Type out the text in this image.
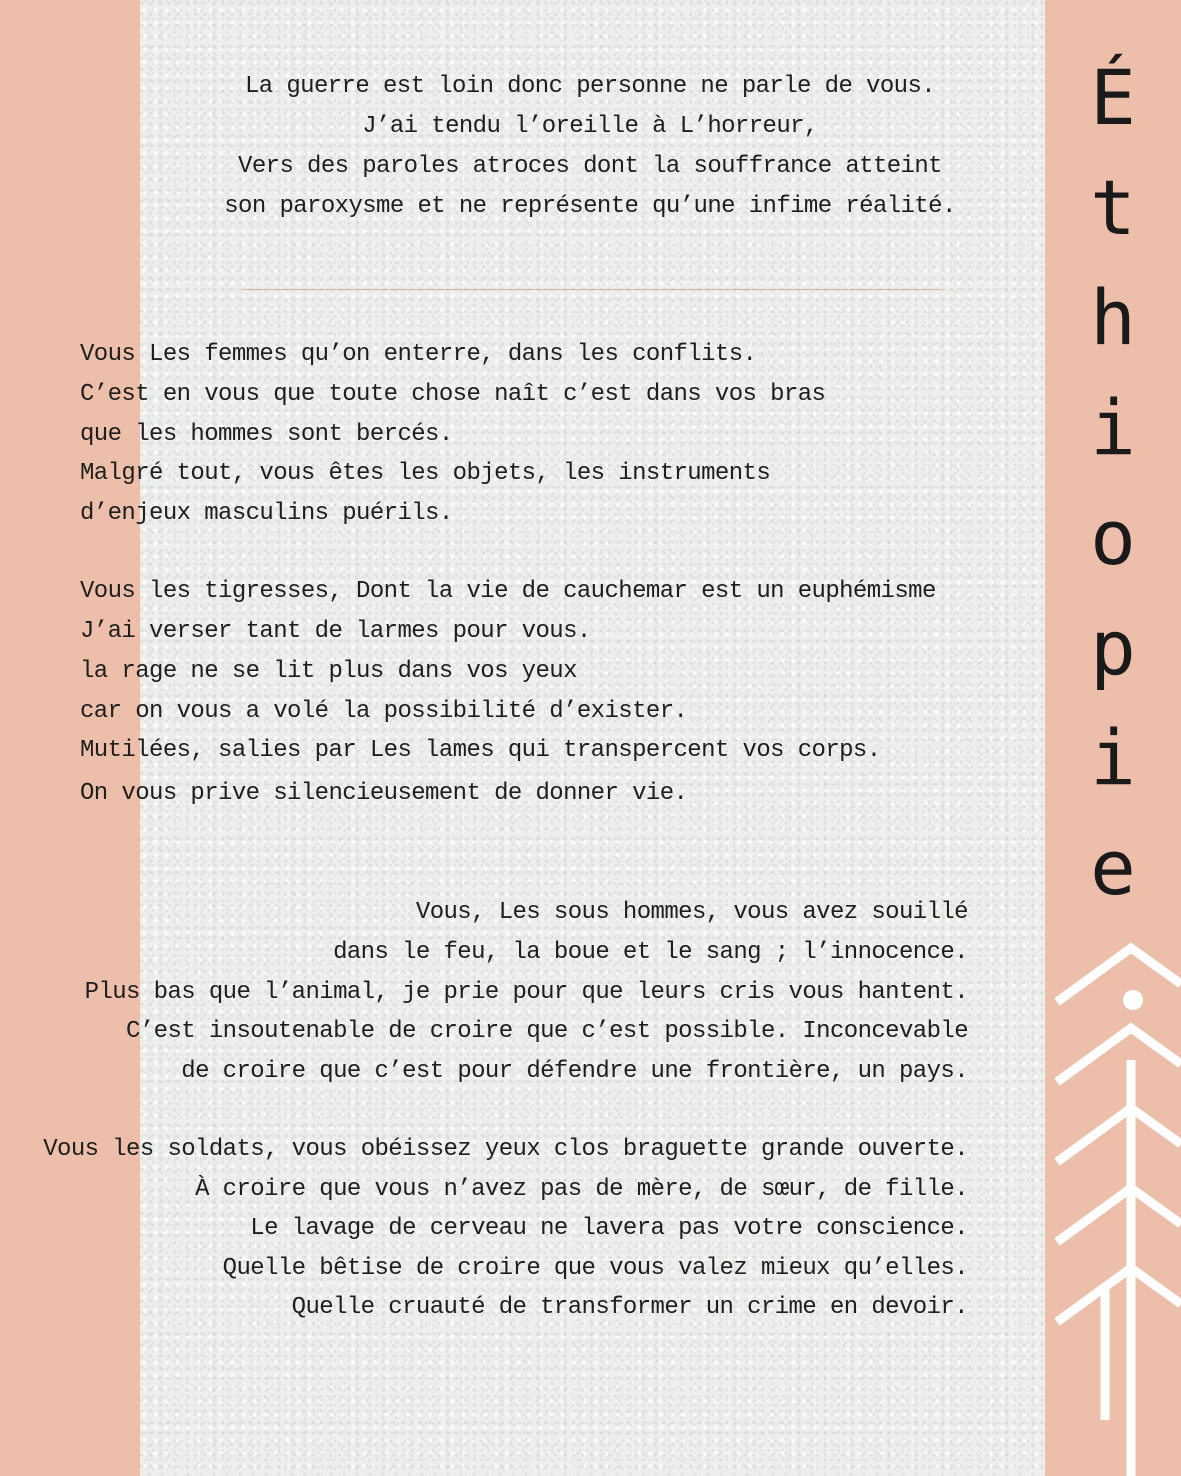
É
t
h
i
o
p
i
e
La guerre est loin donc personne ne parle de vous.
J’ai tendu l’oreille à L’horreur,
Vers des paroles atroces dont la souffrance atteint
son paroxysme et ne représente qu’une infime réalité.
Vous Les femmes qu’on enterre, dans les conflits.
C’est en vous que toute chose naît c’est dans vos bras
que les hommes sont bercés.
Malgré tout, vous êtes les objets, les instruments
d’enjeux masculins puérils.
Vous les tigresses, Dont la vie de cauchemar est un euphémisme
J’ai verser tant de larmes pour vous.
la rage ne se lit plus dans vos yeux
car on vous a volé la possibilité d’exister.
Mutilées, salies par Les lames qui transpercent vos corps.
On vous prive silencieusement de donner vie.
Vous, Les sous hommes, vous avez souillé
dans le feu, la boue et le sang ; l’innocence.
Plus bas que l’animal, je prie pour que leurs cris vous hantent.
C’est insoutenable de croire que c’est possible. Inconcevable
de croire que c’est pour défendre une frontière, un pays.
Vous les soldats, vous obéissez yeux clos braguette grande ouverte.
À croire que vous n’avez pas de mère, de sœur, de fille.
Le lavage de cerveau ne lavera pas votre conscience.
Quelle bêtise de croire que vous valez mieux qu’elles.
Quelle cruauté de transformer un crime en devoir.
